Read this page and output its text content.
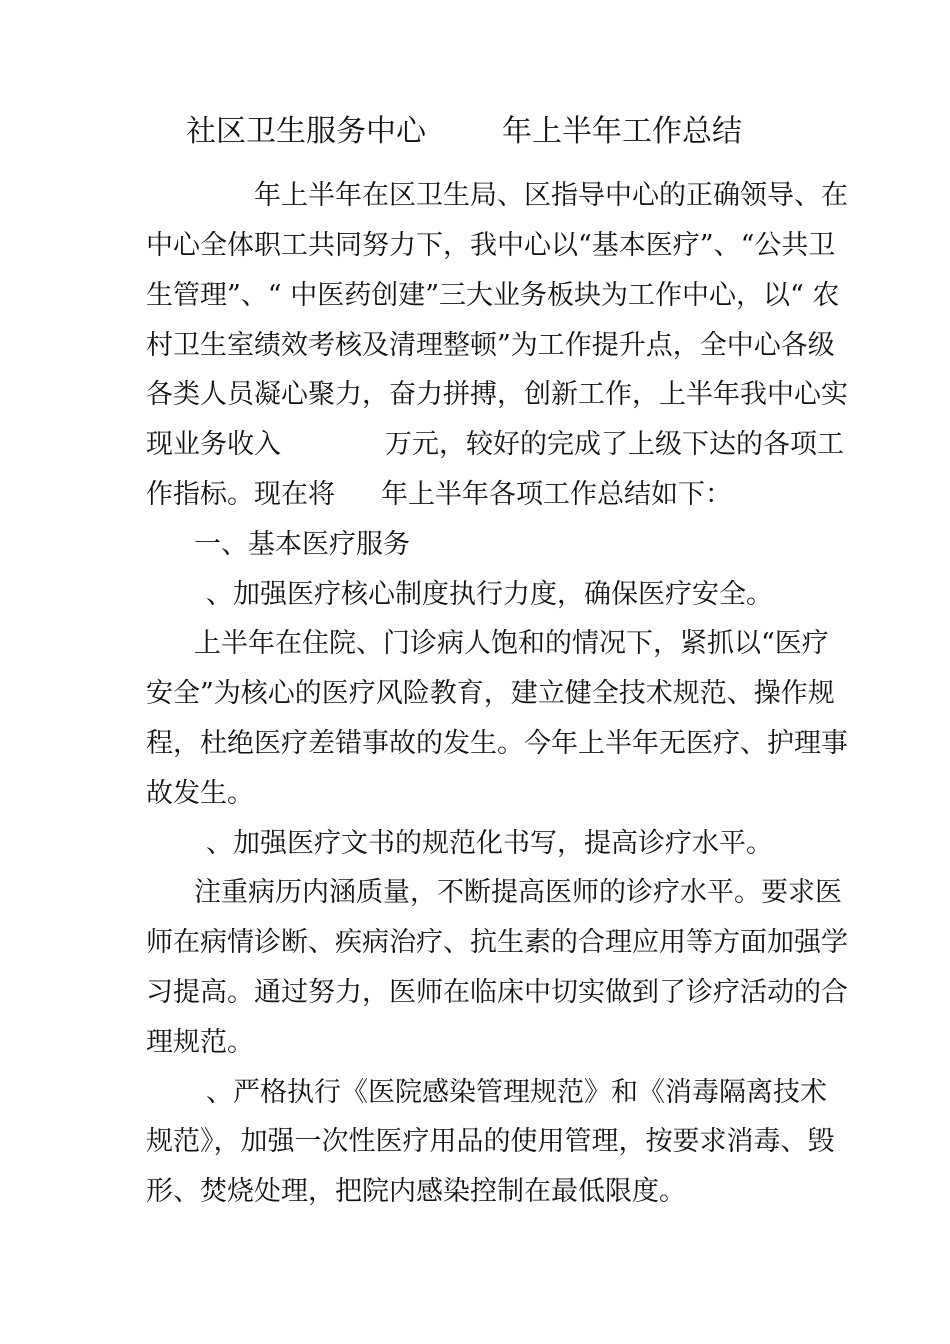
社区卫生服务中心	年上半年工作总结
年上半年在区卫生局、区指导中心的正确领导、在
中心全体职工共同努力下，我中心以“基本医疗”、“公共卫
生管理”、“ 中医药创建”三大业务板块为工作中心，以“ 农
村卫生室绩效考核及清理整顿”为工作提升点，全中心各级
各类人员凝心聚力，奋力拼搏，创新工作，上半年我中心实
现业务收入	万元，较好的完成了上级下达的各项工
作指标。现在将 年上半年各项工作总结如下：
一、基本医疗服务
、加强医疗核心制度执行力度，确保医疗安全。
上半年在住院、门诊病人饱和的情况下，紧抓以“医疗
安全”为核心的医疗风险教育，建立健全技术规范、操作规
程，杜绝医疗差错事故的发生。今年上半年无医疗、护理事
故发生。
、加强医疗文书的规范化书写，提高诊疗水平。
注重病历内涵质量，不断提高医师的诊疗水平。要求医
师在病情诊断、疾病治疗、抗生素的合理应用等方面加强学
习提高。通过努力，医师在临床中切实做到了诊疗活动的合
理规范。
、严格执行《医院感染管理规范》和《消毒隔离技术
规范》，加强一次性医疗用品的使用管理，按要求消毒、毁
形、焚烧处理，把院内感染控制在最低限度。
